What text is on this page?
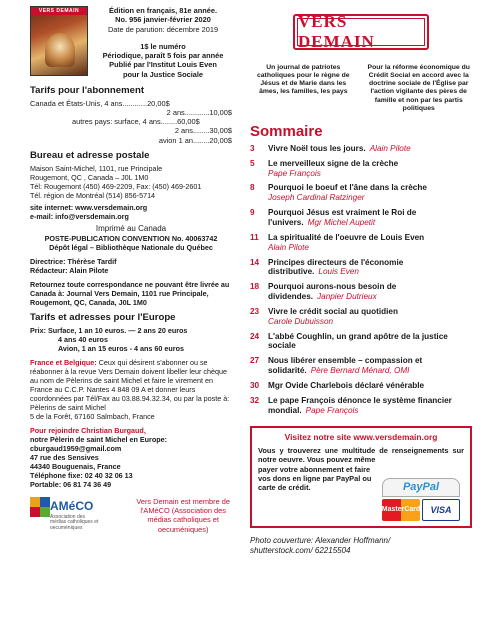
VERS DEMAIN	Édition en français, 81e année.
No. 956 janvier-février 2020
Date de parution: décembre 2019
1$ le numéro
Périodique, paraît 5 fois par année
Publié par l'Institut Louis Even
pour la Justice Sociale
Tarifs pour l'abonnement
Canada et États-Unis, 4 ans............20,00$
2 ans............10,00$
autres pays: surface, 4 ans........60,00$
2 ans........30,00$
avion 1 an........20,00$
Bureau et adresse postale
Maison Saint-Michel, 1101, rue Principale
Rougemont, QC , Canada – J0L 1M0
Tél: Rougemont (450) 469-2209, Fax: (450) 469-2601
Tél. région de Montréal (514) 856-5714
site internet: www.versdemain.org
e-mail: info@versdemain.org
Imprimé au Canada
POSTE-PUBLICATION CONVENTION No. 40063742
Dépôt légal – Bibliothèque Nationale du Québec
Directrice: Thérèse Tardif
Rédacteur: Alain Pilote
Retournez toute correspondance ne pouvant être livrée au Canada à: Journal Vers Demain, 1101 rue Principale, Rougemont, QC, Canada, J0L 1M0
Tarifs et adresses pour l'Europe
Prix: Surface, 1 an 10 euros. — 2 ans 20 euros
4 ans 40 euros
Avion, 1 an 15 euros - 4 ans 60 euros
France et Belgique: Ceux qui désirent s'abonner ou se réabonner à la revue Vers Demain doivent libeller leur chèque au nom de Pèlerins de saint Michel et faire le virement en France au C.C.P. Nantes 4 848 09 A et donner leurs coordonnées par Tél/Fax au 03.88.94.32.34, ou par la poste à:
Pèlerins de saint Michel
5 de la Forêt, 67160 Salmbach, France
Pour rejoindre Christian Burgaud,
notre Pèlerin de saint Michel en Europe:
cburgaud1959@gmail.com
47 rue des Sensives
44340 Bouguenais, France
Téléphone fixe: 02 40 32 06 13
Portable: 06 81 74 36 49
AMéCO
Association des médias catholiques et oecuméniques
Vers Demain est membre de l'AMéCO (Association des médias catholiques et oecuméniques)
VERS DEMAIN
Un journal de patriotes catholiques pour le règne de Jésus et de Marie dans les âmes, les familles, les pays
Pour la réforme économique du Crédit Social en accord avec la doctrine sociale de l'Église par l'action vigilante des pères de famille et non par les partis politiques
Sommaire
3	Vivre Noël tous les jours. Alain Pilote
5	Le merveilleux signe de la crèche
Pape François
8	Pourquoi le boeuf et l'âne dans la crèche
Joseph Cardinal Ratzinger
9	Pourquoi Jésus est vraiment le Roi de l'univers. Mgr Michel Aupetit
11	La spiritualité de l'oeuvre de Louis Even
Alain Pilote
14	Principes directeurs de l'économie distributive. Louis Even
18	Pourquoi aurons-nous besoin de dividendes. Janpier Dutrieux
23	Vivre le crédit social au quotidien
Carole Dubuisson
24	L'abbé Coughlin, un grand apôtre de la justice sociale
27	Nous libérer ensemble – compassion et solidarité. Père Bernard Ménard, OMI
30	Mgr Ovide Charlebois déclaré vénérable
32	Le pape François dénonce le système financier mondial. Pape François
Visitez notre site www.versdemain.org
Vous y trouverez une multitude de renseignements sur notre oeuvre. Vous pouvez même
payer votre abonnement et faire vos dons en ligne par PayPal ou carte de crédit.	PayPal
MasterCard	VISA
Photo couverture: Alexander Hoffmann/
shutterstock.com/ 62215504
